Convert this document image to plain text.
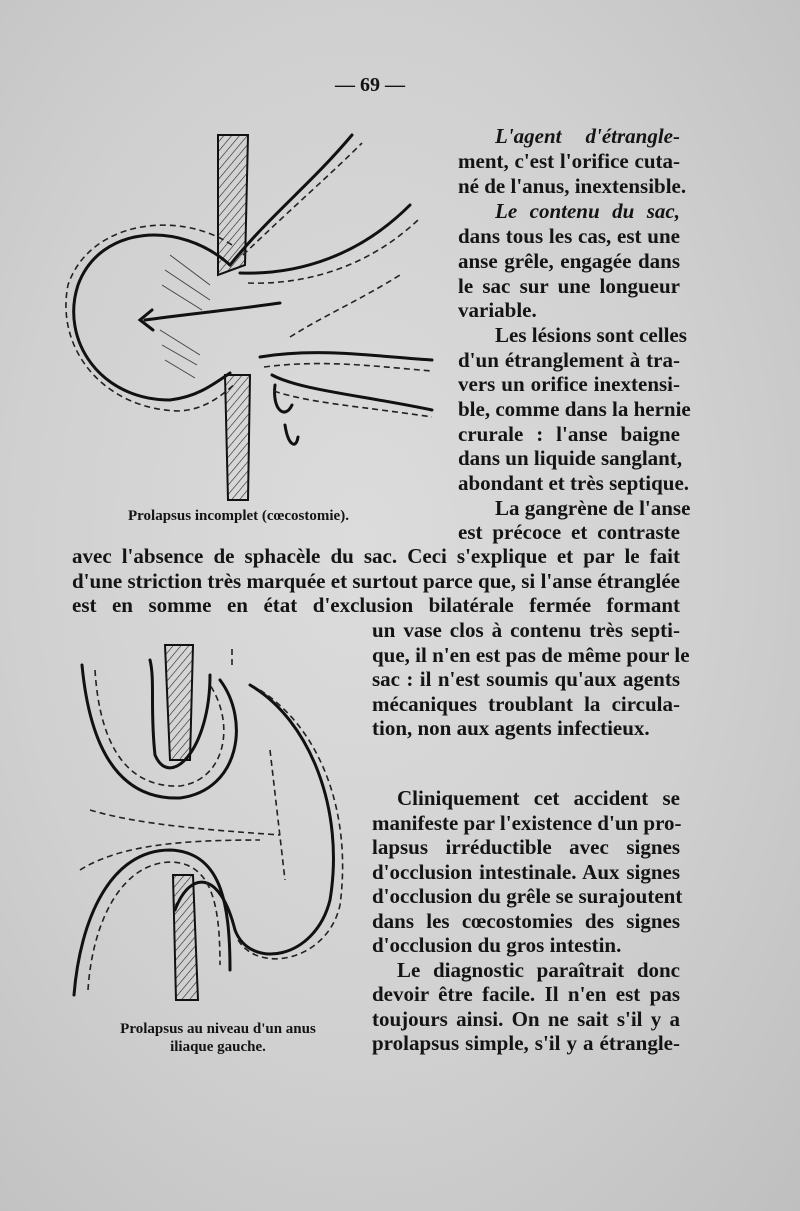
— 69 —
Prolapsus incomplet (cœcostomie).
Prolapsus au niveau d'un anus
iliaque gauche.
L'agent d'étrangle-
ment, c'est l'orifice cuta-
né de l'anus, inextensible.
Le contenu du sac,
dans tous les cas, est une
anse grêle, engagée dans
le sac sur une longueur
variable.
Les lésions sont celles
d'un étranglement à tra-
vers un orifice inextensi-
ble, comme dans la hernie
crurale : l'anse baigne
dans un liquide sanglant,
abondant et très septique.
La gangrène de l'anse
est précoce et contraste
avec l'absence de sphacèle du sac. Ceci s'explique et par le fait
d'une striction très marquée et surtout parce que, si l'anse étranglée
est en somme en état d'exclusion bilatérale fermée formant
un vase clos à contenu très septi-
que, il n'en est pas de même pour le
sac : il n'est soumis qu'aux agents
mécaniques troublant la circula-
tion, non aux agents infectieux.
Cliniquement cet accident se
manifeste par l'existence d'un pro-
lapsus irréductible avec signes
d'occlusion intestinale. Aux signes
d'occlusion du grêle se surajoutent
dans les cœcostomies des signes
d'occlusion du gros intestin.
Le diagnostic paraîtrait donc
devoir être facile. Il n'en est pas
toujours ainsi. On ne sait s'il y a
prolapsus simple, s'il y a étrangle-
